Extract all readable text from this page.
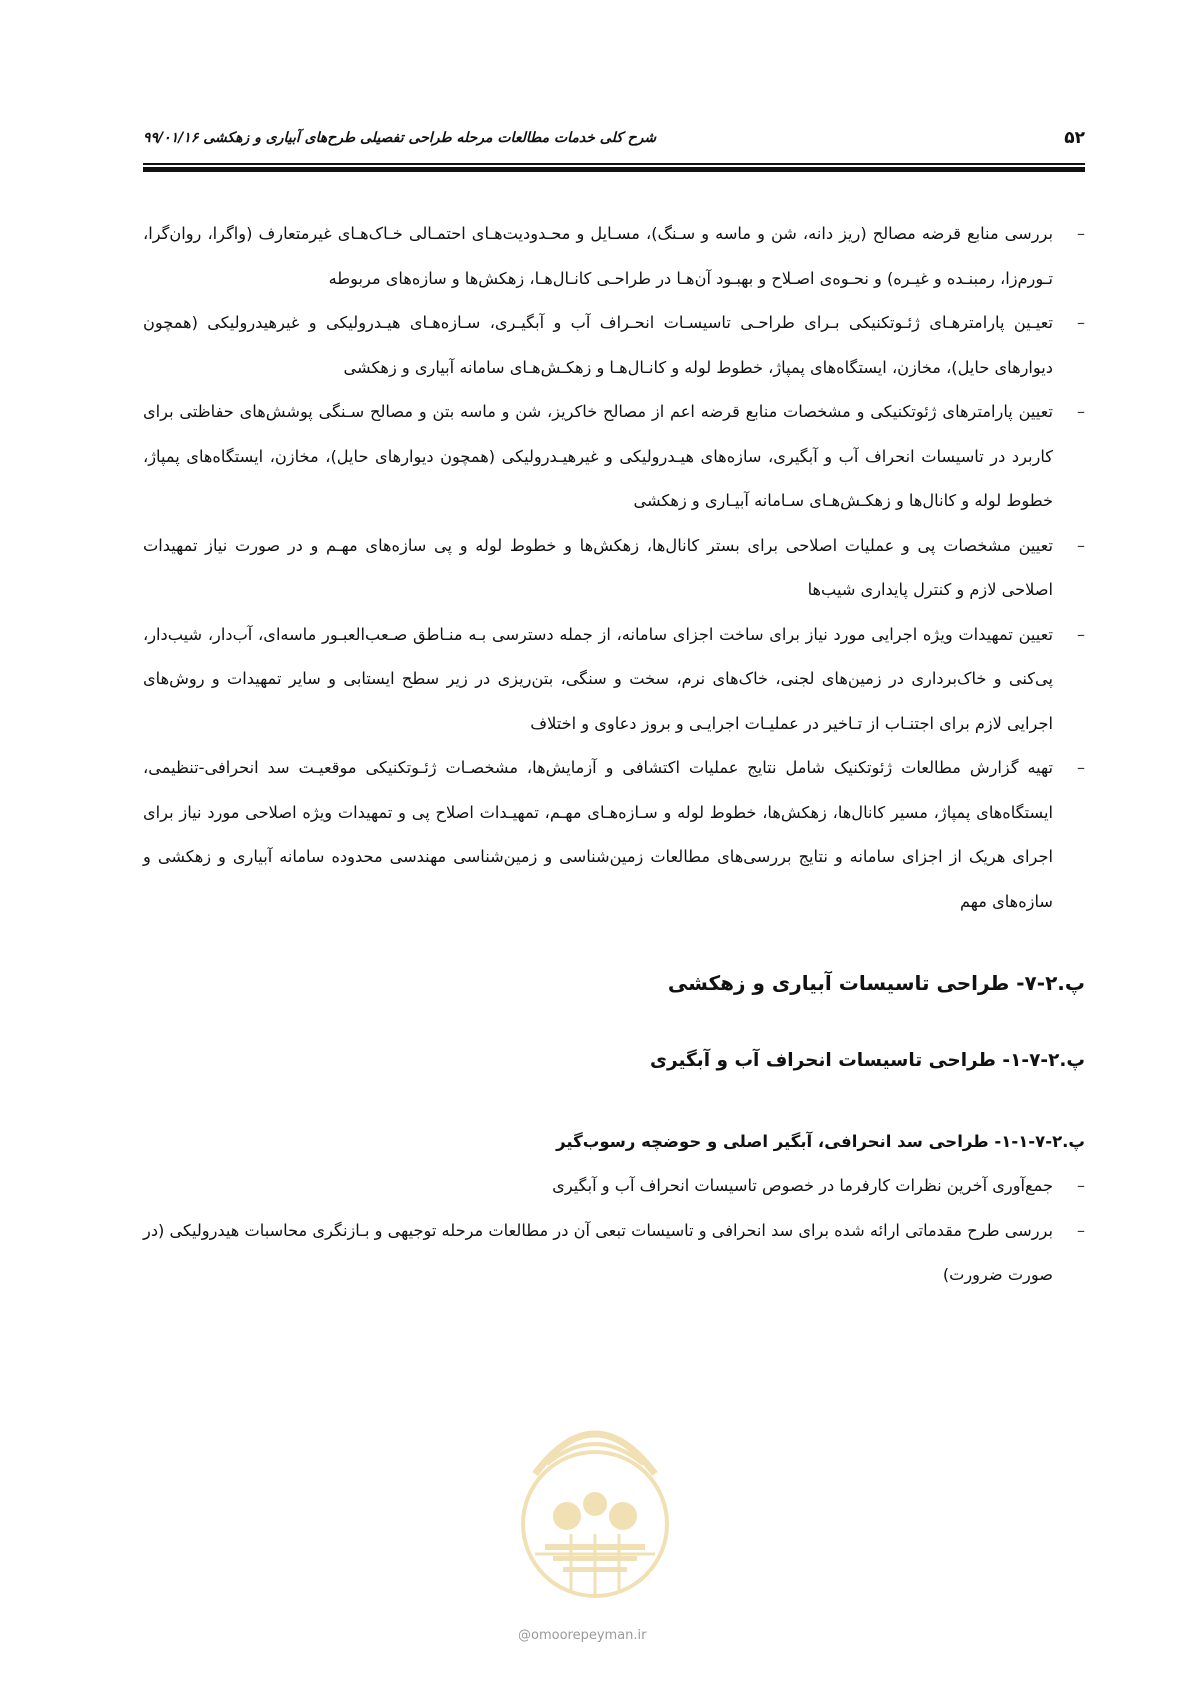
۵۲
شرح کلی خدمات مطالعات مرحله طراحی تفصیلی طرح‌های آبیاری و زهکشی ۹۹/۰۱/۱۶
–
بررسی منابع قرضه مصالح (ریز دانه، شن و ماسه و سـنگ)، مسـایل و محـدودیت‌هـای احتمـالی خـاک‌هـای غیرمتعارف (واگرا، روان‌گرا، تـورم‌زا، رمبنـده و غیـره) و نحـوه‌ی اصـلاح و بهبـود آن‌هـا در طراحـی کانـال‌هـا، زهکش‌ها و سازه‌های مربوطه
–
تعیـین پارامترهـای ژئـوتکنیکی بـرای طراحـی تاسیسـات انحـراف آب و آبگیـری، سـازه‌هـای هیـدرولیکی و غیرهیدرولیکی (همچون دیوارهای حایل)، مخازن، ایستگاه‌های پمپاژ، خطوط لوله و کانـال‌هـا و زهکـش‌هـای سامانه آبیاری و زهکشی
–
تعیین پارامترهای ژئوتکنیکی و مشخصات منابع قرضه اعم از مصالح خاکریز، شن و ماسه بتن و مصالح سـنگی پوشش‌های حفاظتی برای کاربرد در تاسیسات انحراف آب و آبگیری، سازه‌های هیـدرولیکی و غیرهیـدرولیکی (همچون دیوارهای حایل)، مخازن، ایستگاه‌های پمپاژ، خطوط لوله و کانال‌ها و زهکـش‌هـای سـامانه آبیـاری و زهکشی
–
تعیین مشخصات پی و عملیات اصلاحی برای بستر کانال‌ها، زهکش‌ها و خطوط لوله و پی سازه‌های مهـم و در صورت نیاز تمهیدات اصلاحی لازم و کنترل پایداری شیب‌ها
–
تعیین تمهیدات ویژه اجرایی مورد نیاز برای ساخت اجزای سامانه، از جمله دسترسی بـه منـاطق صـعب‌العبـور ماسه‌ای، آب‌دار، شیب‌دار، پی‌کنی و خاک‌برداری در زمین‌های لجنی، خاک‌های نرم، سخت و سنگی، بتن‌ریزی در زیر سطح ایستابی و سایر تمهیدات و روش‌های اجرایی لازم برای اجتنـاب از تـاخیر در عملیـات اجرایـی و بروز دعاوی و اختلاف
–
تهیه گزارش مطالعات ژئوتکنیک شامل نتایج عملیات اکتشافی و آزمایش‌ها، مشخصـات ژئـوتکنیکی موقعیـت سد انحرافی-تنظیمی، ایستگاه‌های پمپاژ، مسیر کانال‌ها، زهکش‌ها، خطوط لوله و سـازه‌هـای مهـم، تمهیـدات اصلاح پی و تمهیدات ویژه اصلاحی مورد نیاز برای اجرای هریک از اجزای سامانه و نتایج بررسی‌های مطالعات زمین‌شناسی و زمین‌شناسی مهندسی محدوده سامانه آبیاری و زهکشی و سازه‌های مهم
پ.۲-۷- طراحی تاسیسات آبیاری و زهکشی
پ.۲-۷-۱- طراحی تاسیسات انحراف آب و آبگیری
پ.۲-۷-۱-۱- طراحی سد انحرافی، آبگیر اصلی و حوضچه رسوب‌گیر
–
جمع‌آوری آخرین نظرات کارفرما در خصوص تاسیسات انحراف آب و آبگیری
–
بررسی طرح مقدماتی ارائه شده برای سد انحرافی و تاسیسات تبعی آن در مطالعات مرحله توجیهی و بـازنگری محاسبات هیدرولیکی (در صورت ضرورت)
@omoorepeyman.ir
